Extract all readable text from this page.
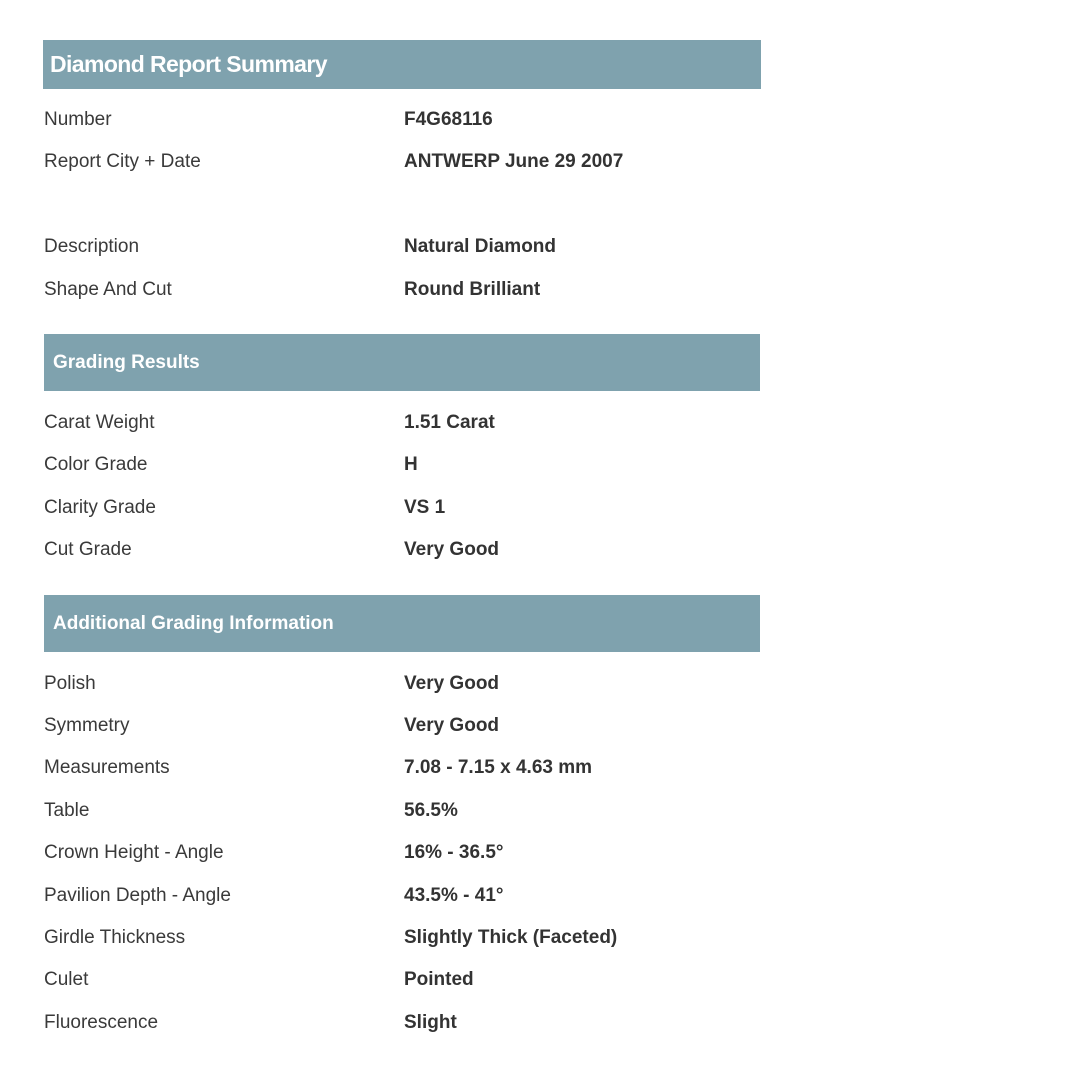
Diamond Report Summary
Number	F4G68116
Report City + Date	ANTWERP June 29 2007
Description	Natural Diamond
Shape And Cut	Round Brilliant
Grading Results
Carat Weight	1.51 Carat
Color Grade	H
Clarity Grade	VS 1
Cut Grade	Very Good
Additional Grading Information
Polish	Very Good
Symmetry	Very Good
Measurements	7.08 - 7.15 x 4.63 mm
Table	56.5%
Crown Height - Angle	16% - 36.5°
Pavilion Depth - Angle	43.5% - 41°
Girdle Thickness	Slightly Thick (Faceted)
Culet	Pointed
Fluorescence	Slight
